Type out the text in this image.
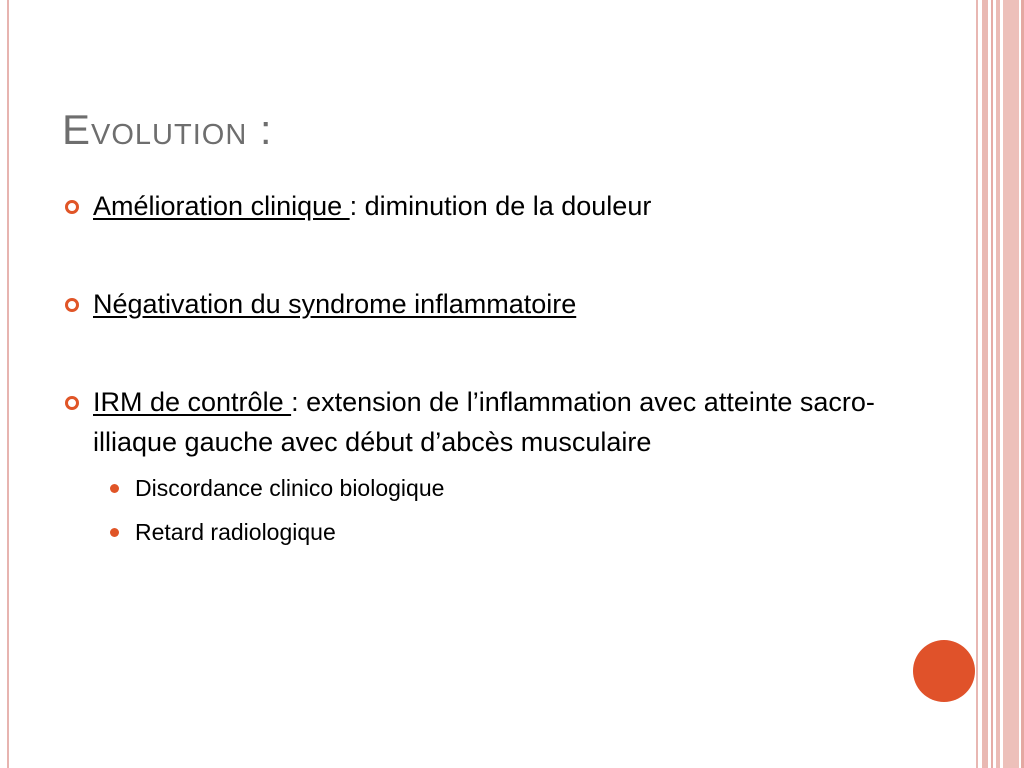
Evolution :
Amélioration clinique : diminution de la douleur
Négativation du syndrome inflammatoire
IRM de contrôle : extension de l’inflammation avec atteinte sacro-illiaque gauche avec début d’abcès musculaire
Discordance clinico biologique
Retard radiologique
